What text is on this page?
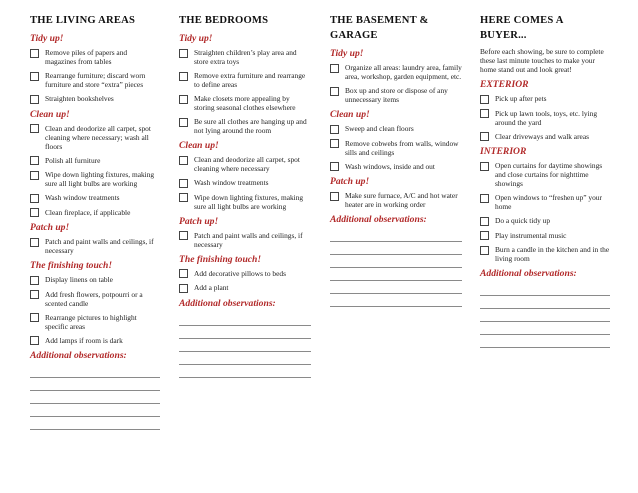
THE LIVING AREAS
Tidy up!
Remove piles of papers and magazines from tables
Rearrange furniture; discard worn furniture and store “extra” pieces
Straighten bookshelves
Clean up!
Clean and deodorize all carpet, spot cleaning where necessary; wash all floors
Polish all furniture
Wipe down lighting fixtures, making sure all light bulbs are working
Wash window treatments
Clean fireplace, if applicable
Patch up!
Patch and paint walls and ceilings, if necessary
The finishing touch!
Display linens on table
Add fresh flowers, potpourri or a scented candle
Rearrange pictures to highlight specific areas
Add lamps if room is dark
Additional observations:
THE BEDROOMS
Tidy up!
Straighten children’s play area and store extra toys
Remove extra furniture and rearrange to define areas
Make closets more appealing by storing seasonal clothes elsewhere
Be sure all clothes are hanging up and not lying around the room
Clean up!
Clean and deodorize all carpet, spot cleaning where necessary
Wash window treatments
Wipe down lighting fixtures, making sure all light bulbs are working
Patch up!
Patch and paint walls and ceilings, if necessary
The finishing touch!
Add decorative pillows to beds
Add a plant
Additional observations:
THE BASEMENT & GARAGE
Tidy up!
Organize all areas: laundry area, family area, workshop, garden equipment, etc.
Box up and store or dispose of any unnecessary items
Clean up!
Sweep and clean floors
Remove cobwebs from walls, window sills and ceilings
Wash windows, inside and out
Patch up!
Make sure furnace, A/C and hot water heater are in working order
Additional observations:
HERE COMES A BUYER...
Before each showing, be sure to complete these last minute touches to make your home stand out and look great!
EXTERIOR
Pick up after pets
Pick up lawn tools, toys, etc. lying around the yard
Clear driveways and walk areas
INTERIOR
Open curtains for daytime showings and close curtains for nighttime showings
Open windows to “freshen up” your home
Do a quick tidy up
Play instrumental music
Burn a candle in the kitchen and in the living room
Additional observations:
